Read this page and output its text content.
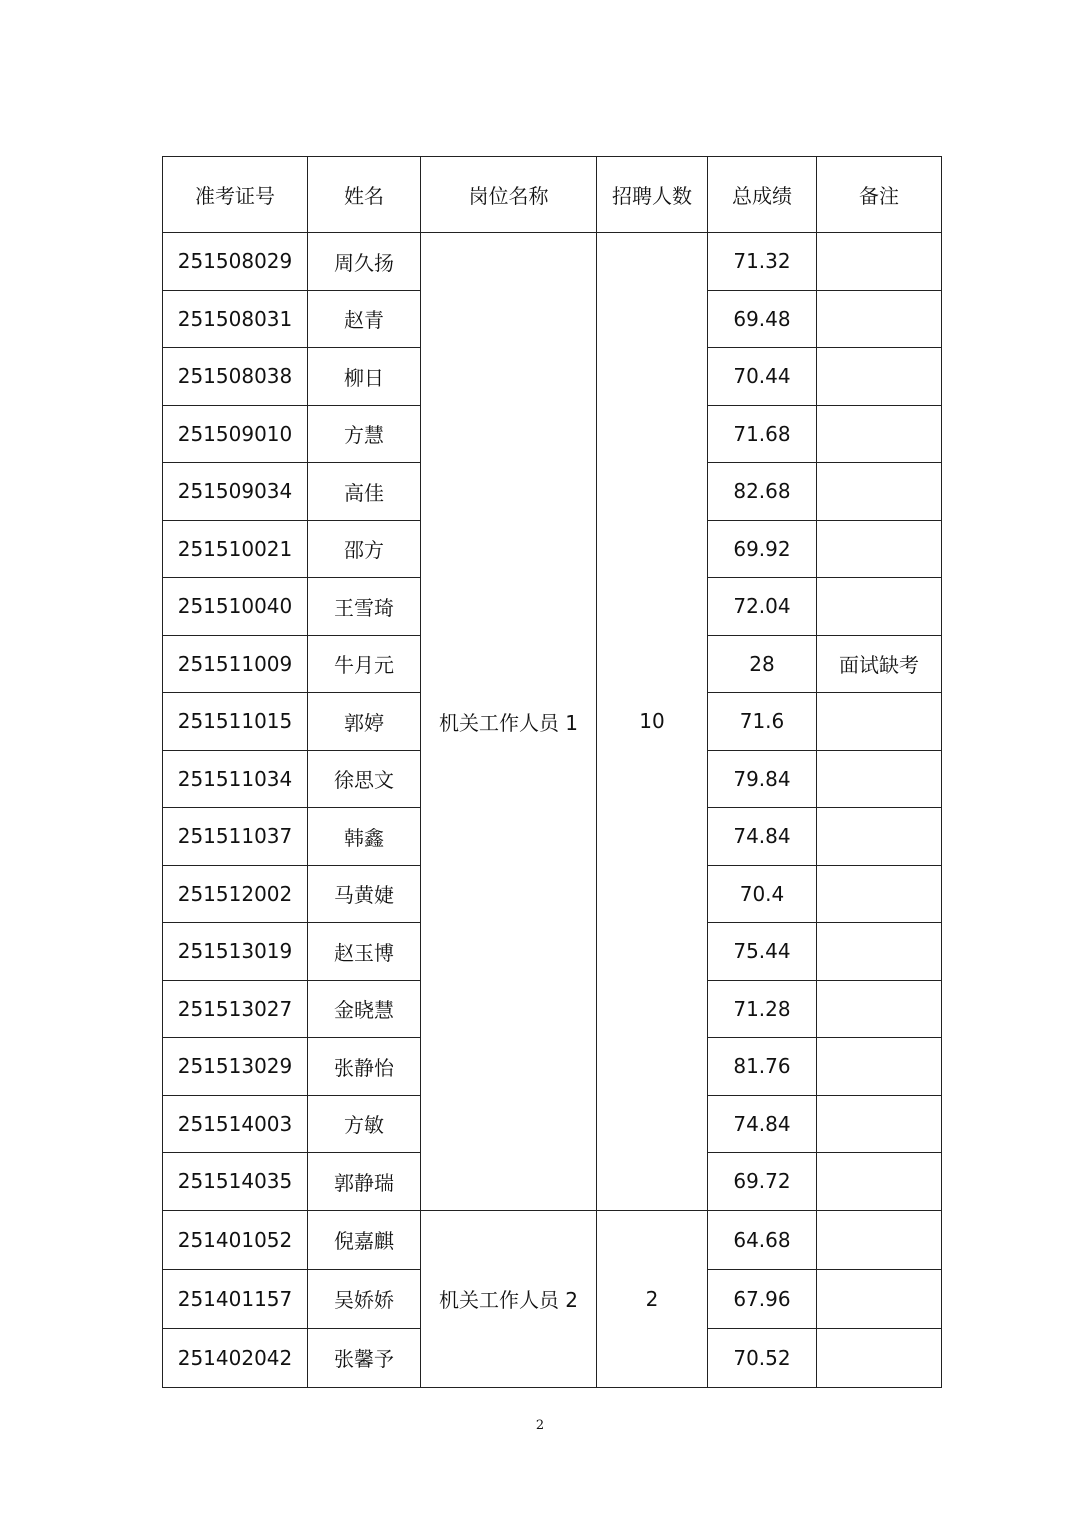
准考证号	姓名	岗位名称	招聘人数	总成绩	备注
251508029	周久扬	机关工作人员 1	10	71.32	
251508031	赵青			69.48	
251508038	柳日			70.44	
251509010	方慧			71.68	
251509034	高佳			82.68	
251510021	邵方			69.92	
251510040	王雪琦			72.04	
251511009	牛月元			28	面试缺考
251511015	郭婷			71.6	
251511034	徐思文			79.84	
251511037	韩鑫			74.84	
251512002	马黄婕			70.4	
251513019	赵玉博			75.44	
251513027	金晓慧			71.28	
251513029	张静怡			81.76	
251514003	方敏			74.84	
251514035	郭静瑞			69.72	
251401052	倪嘉麒	机关工作人员 2	2	64.68	
251401157	吴娇娇			67.96	
251402042	张馨予			70.52	
2
